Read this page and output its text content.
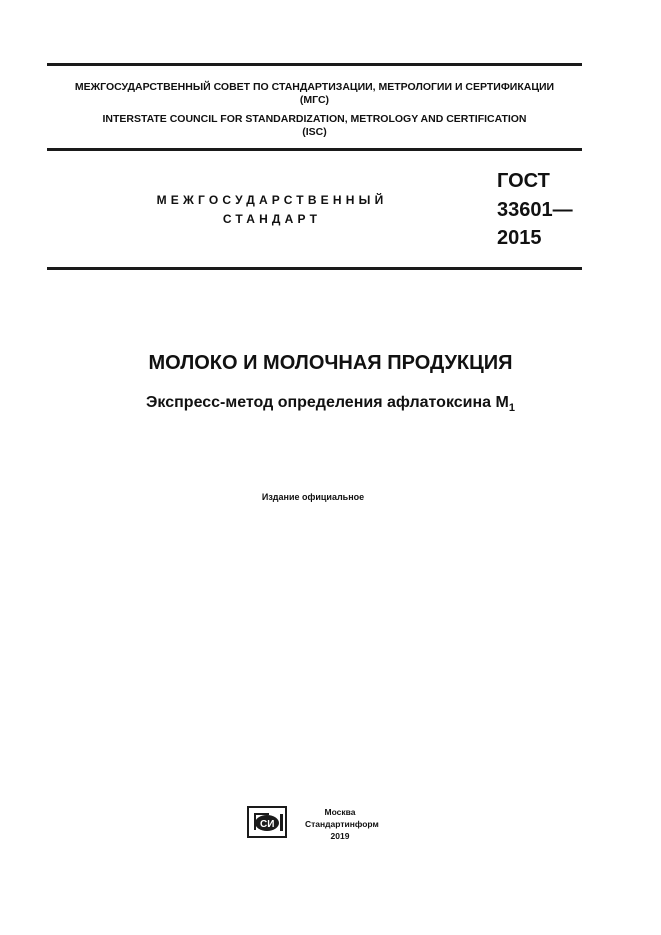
МЕЖГОСУДАРСТВЕННЫЙ СОВЕТ ПО СТАНДАРТИЗАЦИИ, МЕТРОЛОГИИ И СЕРТИФИКАЦИИ
(МГС)
INTERSTATE COUNCIL FOR STANDARDIZATION, METROLOGY AND CERTIFICATION
(ISC)
МЕЖГОСУДАРСТВЕННЫЙ
СТАНДАРТ
ГОСТ
33601—
2015
МОЛОКО И МОЛОЧНАЯ ПРОДУКЦИЯ
Экспресс-метод определения афлатоксина $М_1$
Издание официальное
СИ
Москва
Стандартинформ
2019
